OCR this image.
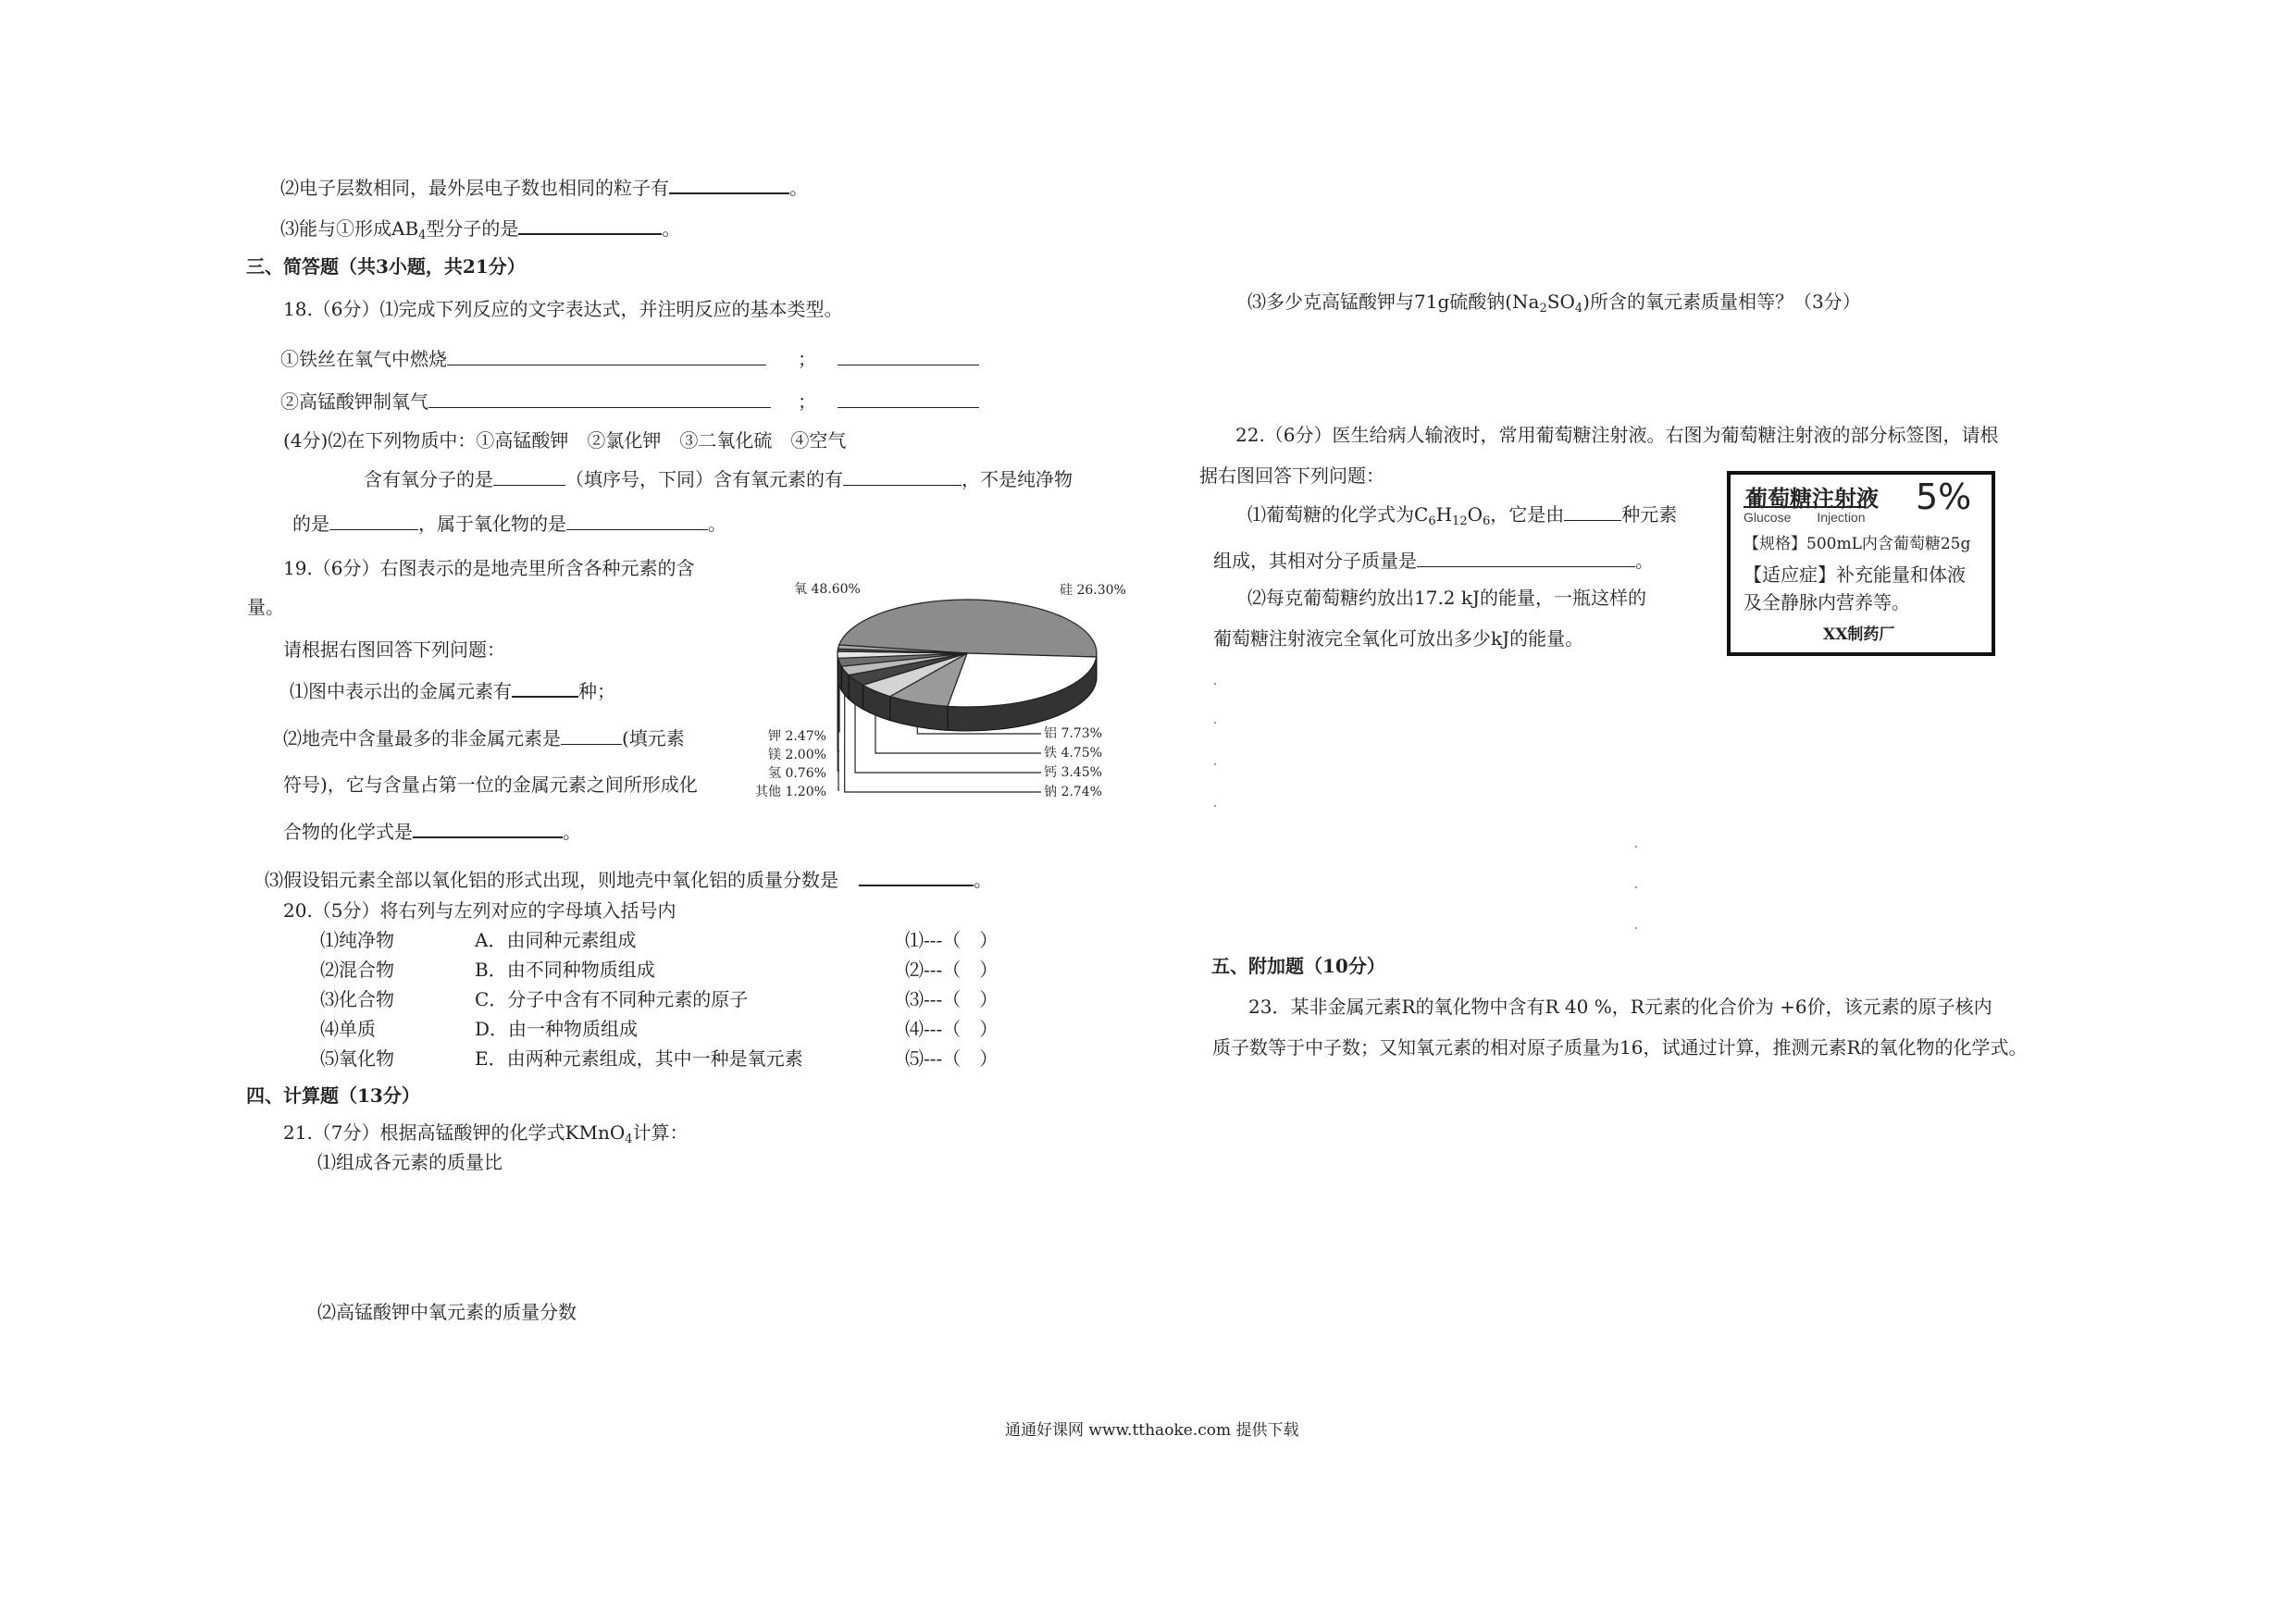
⑵电子层数相同，最外层电子数也相同的粒子有	。
⑶能与①形成$AB_4$型分子的是	。
三、简答题（共3小题，共21分）
18.（6分）⑴完成下列反应的文字表达式，并注明反应的基本类型。
①铁丝在氧气中燃烧	；
②高锰酸钾制氧气	；
(4分)⑵在下列物质中：①高锰酸钾　②氯化钾　③二氧化硫　④空气
含有氧分子的是	（填序号，下同）含有氧元素的有	，不是纯净物
的是	，属于氧化物的是	。
19.（6分）右图表示的是地壳里所含各种元素的含
量。
请根据右图回答下列问题：
⑴图中表示出的金属元素有	种；
⑵地壳中含量最多的非金属元素是	(填元素
符号)，它与含量占第一位的金属元素之间所形成化
合物的化学式是	。
⑶假设铝元素全部以氧化铝的形式出现，则地壳中氧化铝的质量分数是	。
20.（5分）将右列与左列对应的字母填入括号内
⑴纯净物	A．由同种元素组成	⑴---（　）
⑵混合物	B．由不同种物质组成	⑵---（　）
⑶化合物	C．分子中含有不同种元素的原子	⑶---（　）
⑷单质	D．由一种物质组成	⑷---（　）
⑸氧化物	E．由两种元素组成，其中一种是氧元素	⑸---（　）
四、计算题（13分）
21.（7分）根据高锰酸钾的化学式KMnO$_4$计算：
⑴组成各元素的质量比
⑵高锰酸钾中氧元素的质量分数
氧 48.60%	硅 26.30%
铝 7.73%
铁 4.75%
钙 3.45%
钠 2.74%
钾 2.47%
镁 2.00%
氢 0.76%
其他 1.20%
⑶多少克高锰酸钾与71g硫酸钠$(Na_2SO_4)$所含的氧元素质量相等？（3分）
22.（6分）医生给病人输液时，常用葡萄糖注射液。右图为葡萄糖注射液的部分标签图，请根
据右图回答下列问题：
⑴葡萄糖的化学式为$C_6H_{12}O_6$，它是由	种元素
组成，其相对分子质量是	。
⑵每克葡萄糖约放出17.2 kJ的能量，一瓶这样的
葡萄糖注射液完全氧化可放出多少kJ的能量。
葡萄糖注射液 5%
Glucose　　Injection
【规格】500mL内含葡萄糖25g
【适应症】补充能量和体液
及全静脉内营养等。
XX制药厂
五、附加题（10分）
23．某非金属元素R的氧化物中含有R 40 %，R元素的化合价为 +6价，该元素的原子核内
质子数等于中子数；又知氧元素的相对原子质量为16，试通过计算，推测元素R的氧化物的化学式。
通通好课网 www.tthaoke.com 提供下载
